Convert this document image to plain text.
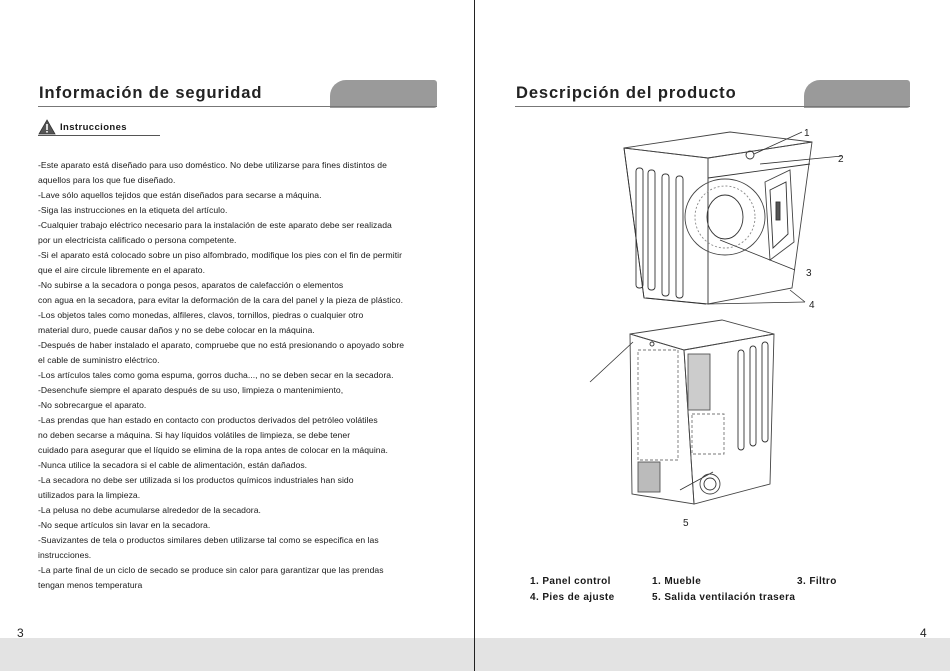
Información de seguridad
Instrucciones
-Este aparato está diseñado para uso doméstico. No debe utilizarse para fines distintos de
aquellos para los que fue diseñado.
-Lave sólo aquellos tejidos que están diseñados para secarse a máquina.
-Siga las instrucciones en la etiqueta del artículo.
-Cualquier trabajo eléctrico necesario para la instalación de este aparato debe ser realizada
por un electricista calificado o persona competente.
-Si el aparato está colocado sobre un piso alfombrado, modifique los pies con el fin de permitir
que el aire circule libremente en el aparato.
-No subirse a la secadora o ponga pesos, aparatos de calefacción o elementos
con agua en la secadora, para evitar la deformación de la cara del panel y la pieza de plástico.
-Los objetos tales como monedas, alfileres, clavos, tornillos, piedras o cualquier otro
material duro, puede causar daños y no se debe colocar en la máquina.
-Después de haber instalado el aparato, compruebe que no está presionando o apoyado sobre
el cable de suministro eléctrico.
-Los artículos tales como goma espuma, gorros ducha..., no se deben secar en la secadora.
-Desenchufe siempre el aparato después de su uso, limpieza o mantenimiento,
-No sobrecargue el aparato.
-Las prendas que han estado en contacto con productos derivados del petróleo volátiles
no deben secarse a máquina. Si hay líquidos volátiles de limpieza, se debe tener
cuidado para asegurar que el líquido se elimina de la ropa antes de colocar en la máquina.
-Nunca utilice la secadora si el cable de alimentación, están dañados.
-La secadora no debe ser utilizada si los productos químicos industriales han sido
utilizados para la limpieza.
-La pelusa no debe acumularse alrededor de la secadora.
-No seque artículos sin lavar en la secadora.
-Suavizantes de tela o productos similares deben utilizarse tal como se especifica en las
instrucciones.
-La parte final de un ciclo de secado se produce sin calor para garantizar que las prendas
tengan menos temperatura
3
Descripción del producto
4
1
2
3
4
5
1. Panel control	1. Mueble	3. Filtro
4. Pies de ajuste	5. Salida ventilación trasera
